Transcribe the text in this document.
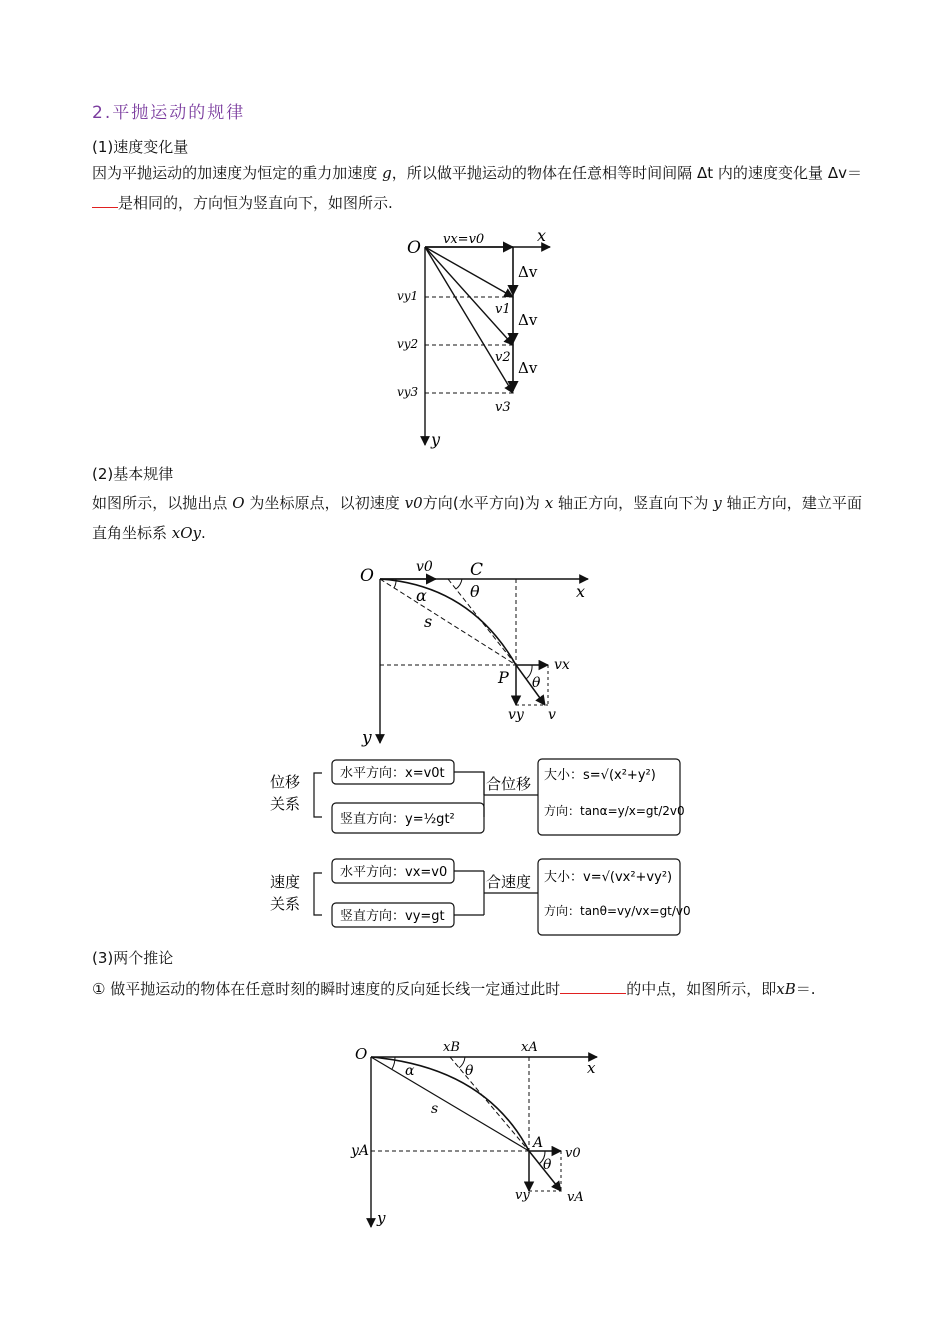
2.平抛运动的规律
(1)速度变化量
因为平抛运动的加速度为恒定的重力加速度 g，所以做平抛运动的物体在任意相等时间间隔 Δt 内的速度变化量 Δv＝是相同的，方向恒为竖直向下，如图所示.
O vx=v0	x
y
Δv
Δv
Δv
vy1
vy2
vy3
v1
v2
v3
(2)基本规律
如图所示，以抛出点 O 为坐标原点，以初速度 v0方向(水平方向)为 x 轴正方向，竖直向下为 y 轴正方向，建立平面直角坐标系 xOy.
O	v0 C
θ
α
s
x
y
P
vx
vy v
θ
位移
关系
水平方向：x=v0t
竖直方向：y=½gt²
合位移 大小：s=√(x²+y²)
方向：tanα=y/x=gt/2v0
速度
关系
水平方向：vx=v0
竖直方向：vy=gt
合速度 大小：v=√(vx²+vy²)
方向：tanθ=vy/vx=gt/v0
(3)两个推论
① 做平抛运动的物体在任意时刻的瞬时速度的反向延长线一定通过此时	的中点，如图所示，即xB＝.
O	xB	xA
x
y
α	θ
s
yA	A
v0
θ
vy	vA
